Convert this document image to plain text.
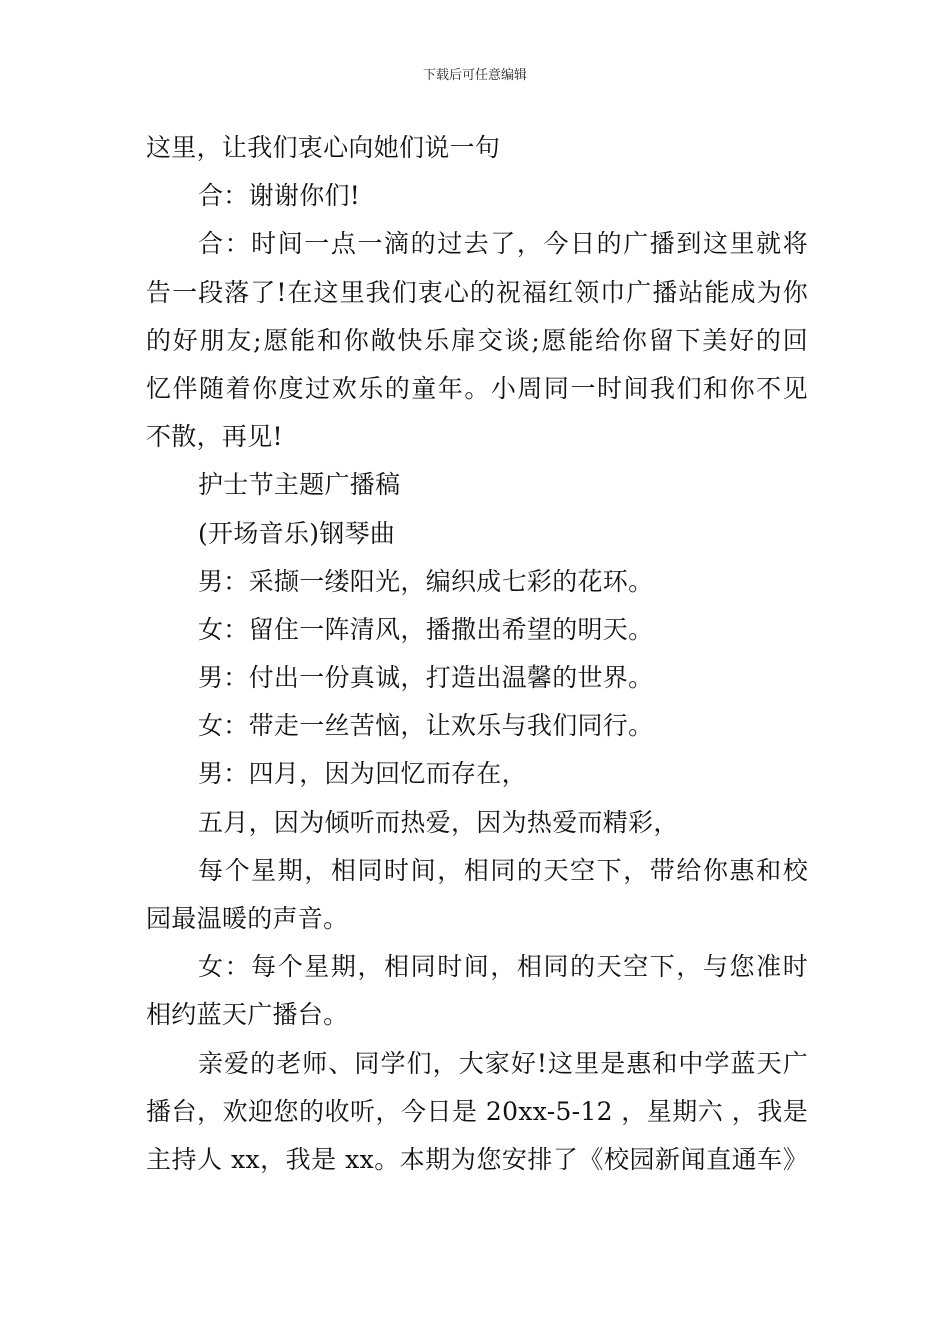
下载后可任意编辑
这里，让我们衷心向她们说一句
合：谢谢你们!
合：时间一点一滴的过去了，今日的广播到这里就将
告一段落了!在这里我们衷心的祝福红领巾广播站能成为你
的好朋友;愿能和你敞快乐扉交谈;愿能给你留下美好的回
忆伴随着你度过欢乐的童年。小周同一时间我们和你不见
不散，再见!
护士节主题广播稿
(开场音乐)钢琴曲
男：采撷一缕阳光，编织成七彩的花环。
女：留住一阵清风，播撒出希望的明天。
男：付出一份真诚，打造出温馨的世界。
女：带走一丝苦恼，让欢乐与我们同行。
男：四月，因为回忆而存在，
五月，因为倾听而热爱，因为热爱而精彩，
每个星期，相同时间，相同的天空下，带给你惠和校
园最温暖的声音。
女：每个星期，相同时间，相同的天空下，与您准时
相约蓝天广播台。
亲爱的老师、同学们，大家好!这里是惠和中学蓝天广
播台，欢迎您的收听，今日是 20xx-5-12 ，星期六 ，我是
主持人 xx，我是 xx。本期为您安排了《校园新闻直通车》
